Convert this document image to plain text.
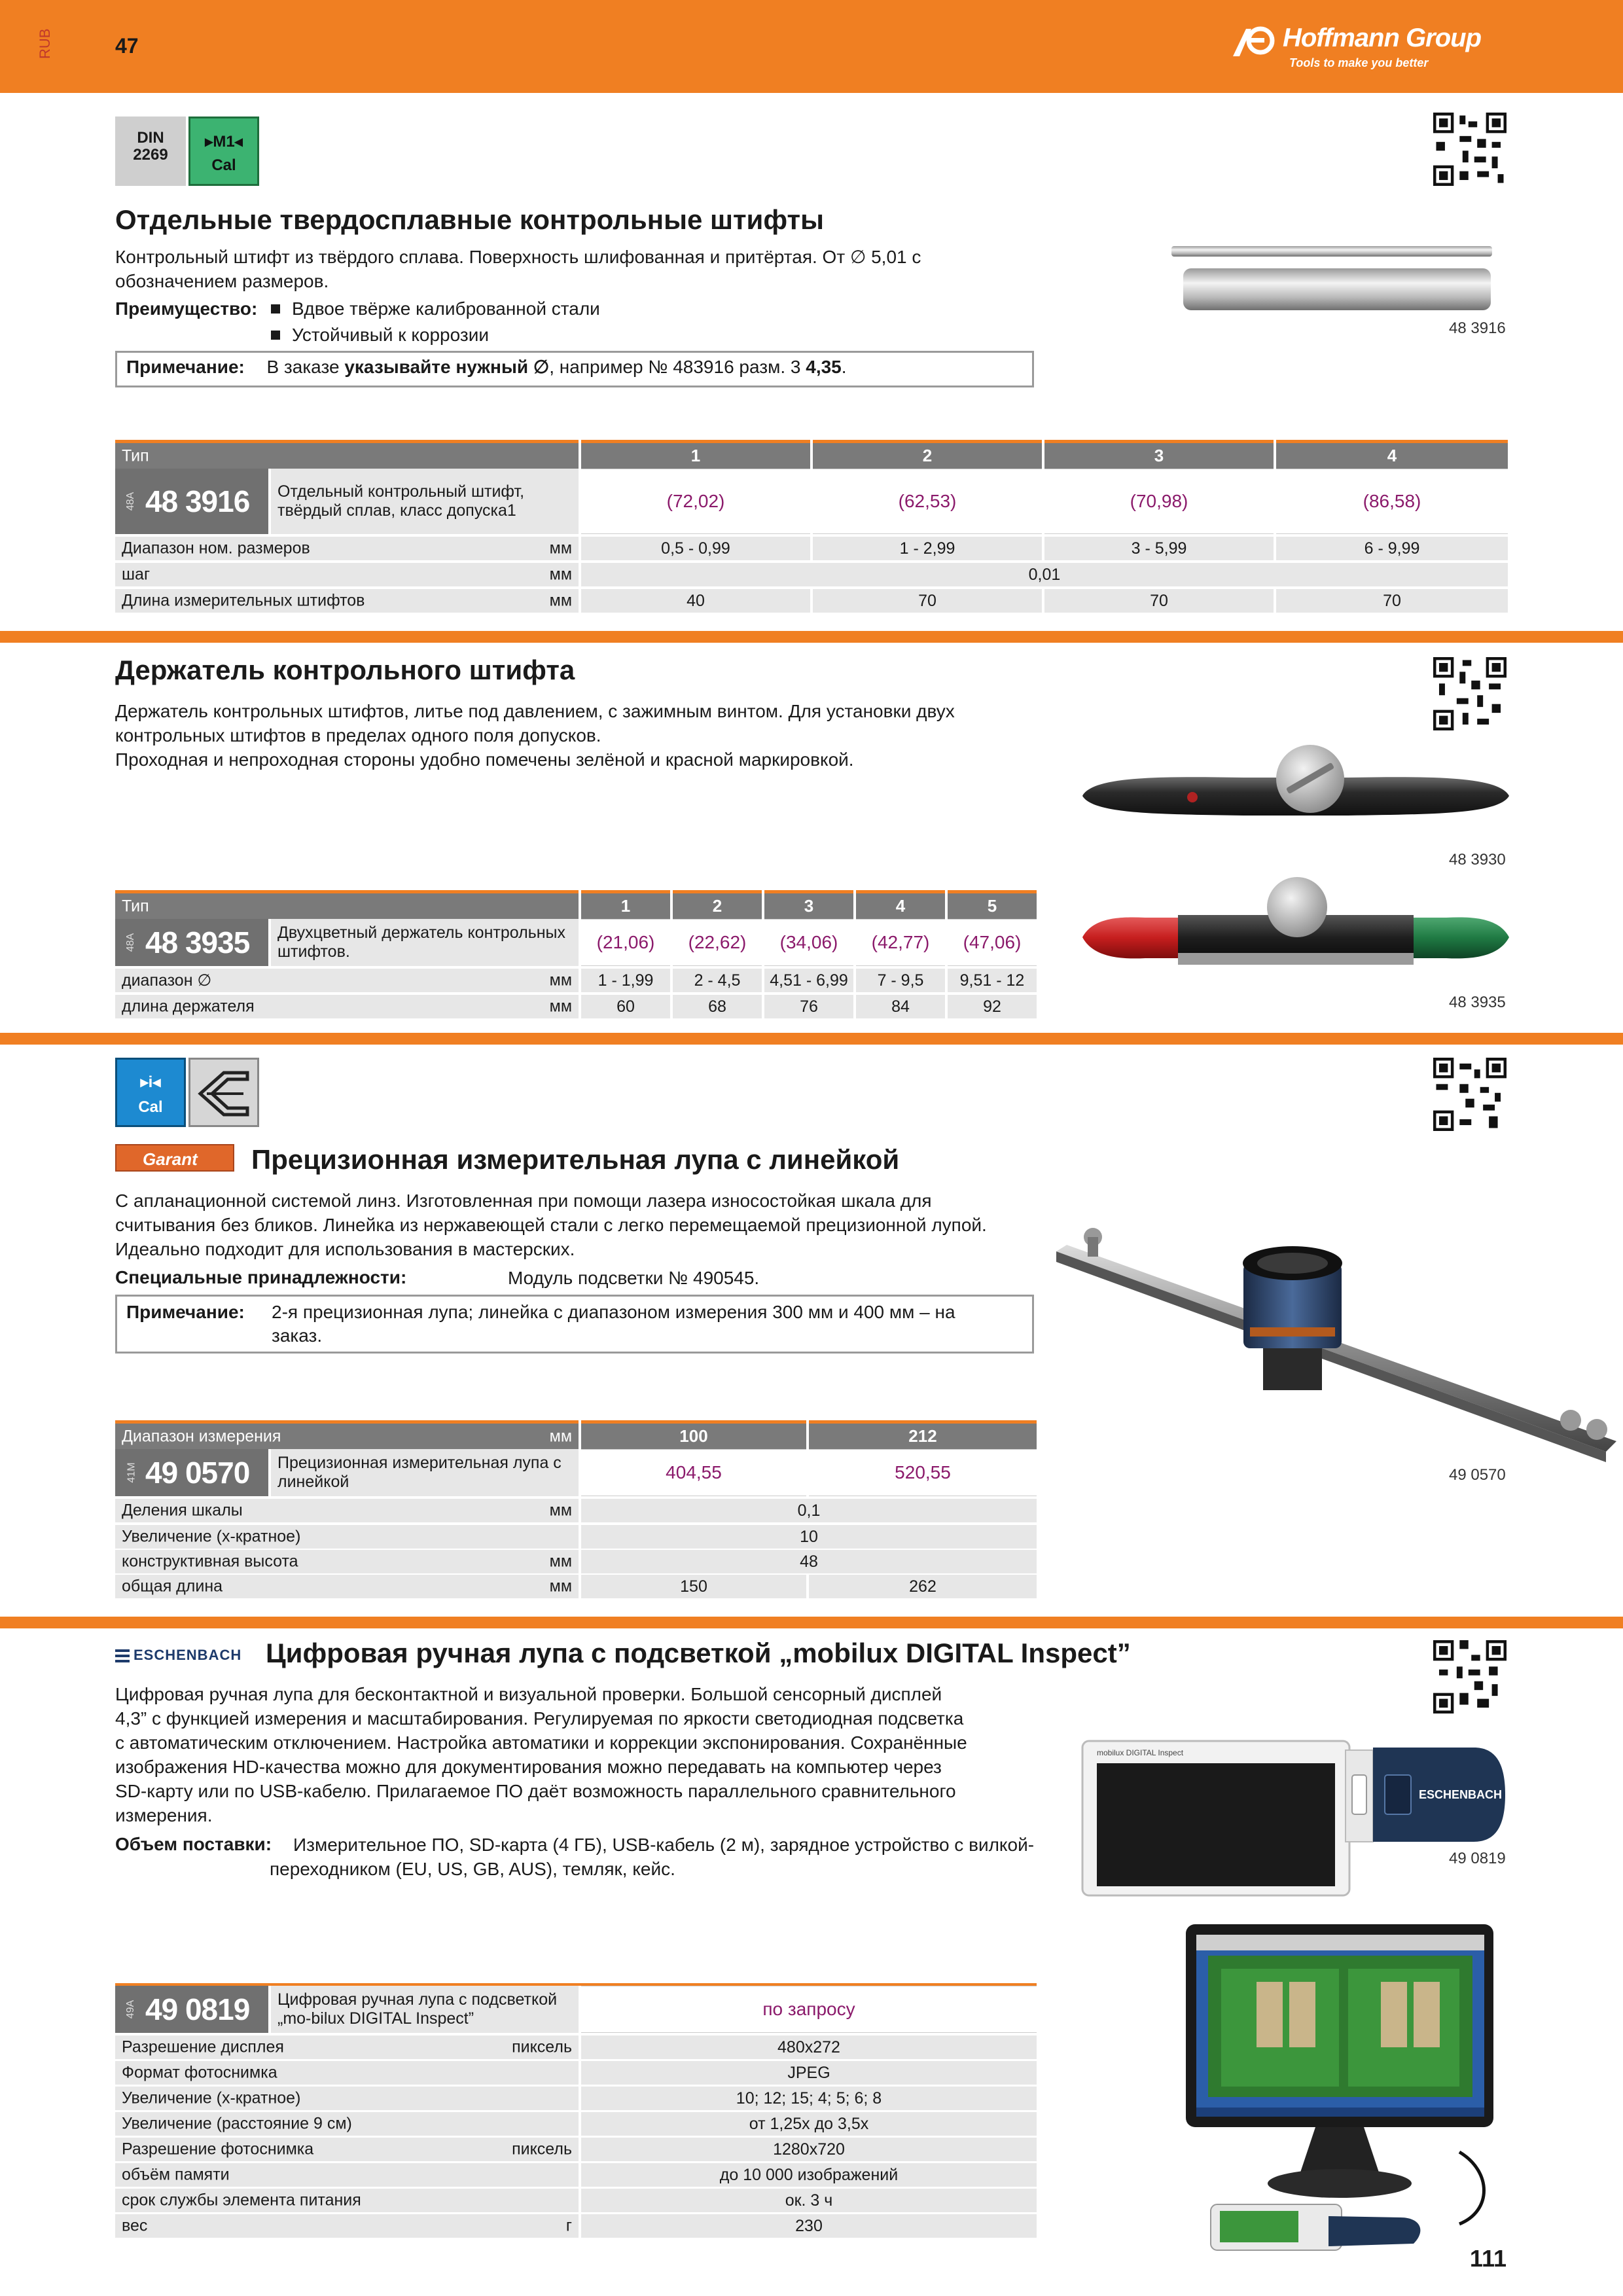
RUB	47	Hoffmann Group
Tools to make you better
DIN
2269
▸M1◂
Cal
Отдельные твердосплавные контрольные штифты
Контрольный штифт из твёрдого сплава. Поверхность шлифованная и притёртая. От ∅ 5,01 с
обозначением размеров.
Преимущество:	Вдвое твёрже калиброванной стали
Устойчивый к коррозии
Примечание: В заказе указывайте нужный ∅, например № 483916 разм. 3 4,35.
48 3916
Тип	1	2	3	4
48A 48 3916	Отдельный контрольный штифт, твёрдый сплав, класс допуска1	(72,02)	(62,53)	(70,98)	(86,58)
Диапазон ном. размеров	мм	0,5 - 0,99	1 - 2,99	3 - 5,99	6 - 9,99
шаг	мм	0,01
Длина измерительных штифтов	мм	40	70	70	70
Держатель контрольного штифта
Держатель контрольных штифтов, литье под давлением, с зажимным винтом. Для установки двух
контрольных штифтов в пределах одного поля допусков.
Проходная и непроходная стороны удобно помечены зелёной и красной маркировкой.
48 3930
48 3935
Тип	1	2	3	4	5
48A 48 3935	Двухцветный держатель контрольных штифтов.	(21,06)	(22,62)	(34,06)	(42,77)	(47,06)
диапазон ∅	мм	1 - 1,99	2 - 4,5	4,51 - 6,99	7 - 9,5	9,51 - 12
длина держателя	мм	60	68	76	84	92
▸i◂
Cal
Garant	Прецизионная измерительная лупа с линейкой
С апланационной системой линз. Изготовленная при помощи лазера износостойкая шкала для
считывания без бликов. Линейка из нержавеющей стали с легко перемещаемой прецизионной лупой.
Идеально подходит для использования в мастерских.
Специальные принадлежности:	Модуль подсветки № 490545.
Примечание: 2-я прецизионная лупа; линейка с диапазоном измерения 300 мм и 400 мм – на
заказ.
49 0570
Диапазон измерения	мм	100	212
41M 49 0570	Прецизионная измерительная лупа с линейкой	404,55	520,55
Деления шкалы	мм	0,1
Увеличение (x-кратное)	10
конструктивная высота	мм	48
общая длина	мм	150	262
ESCHENBACH Цифровая ручная лупа с подсветкой „mobilux DIGITAL Inspect”
Цифровая ручная лупа для бесконтактной и визуальной проверки. Большой сенсорный дисплей
4,3” с функцией измерения и масштабирования. Регулируемая по яркости светодиодная подсветка
с автоматическим отключением. Настройка автоматики и коррекции экспонирования. Сохранённые
изображения HD-качества можно для документирования можно передавать на компьютер через
SD-карту или по USB-кабелю. Прилагаемое ПО даёт возможность параллельного сравнительного
измерения.
Объем поставки: Измерительное ПО, SD-карта (4 ГБ), USB-кабель (2 м), зарядное устройство с вилкой-
переходником (EU, US, GB, AUS), темляк, кейс.
mobilux DIGITAL Inspect
ESCHENBACH
49 0819
49A 49 0819	Цифровая ручная лупа с подсветкой „mo-bilux DIGITAL Inspect”	по запросу
Разрешение дисплея	пиксель	480x272
Формат фотоснимка	JPEG
Увеличение (x-кратное)	10; 12; 15; 4; 5; 6; 8
Увеличение (расстояние 9 см)	от 1,25x до 3,5x
Разрешение фотоснимка	пиксель	1280x720
объём памяти	до 10 000 изображений
срок службы элемента питания	ок. 3 ч
вес	г	230
111
